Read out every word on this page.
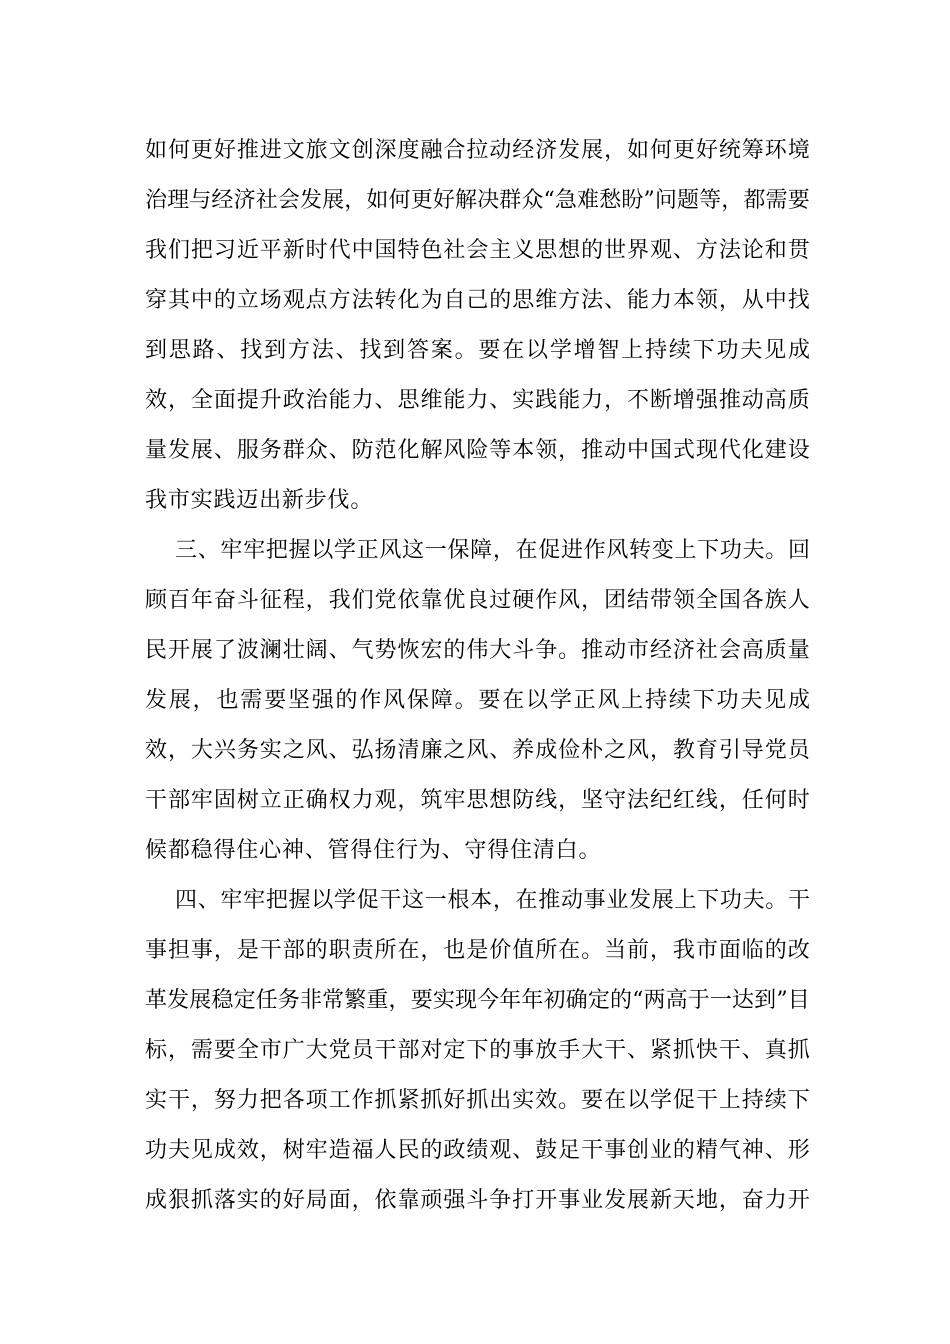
如 何 更 好 推 进 文 旅 文 创 深 度 融 合 拉 动 经 济 发 展 ， 如 何 更 好 统 筹 环 境
治 理 与 经 济 社 会 发 展 ， 如 何 更 好 解 决 群 众 “ 急 难 愁 盼 ” 问 题 等 ， 都 需 要
我 们 把 习 近 平 新 时 代 中 国 特 色 社 会 主 义 思 想 的 世 界 观 、 方 法 论 和 贯
穿 其 中 的 立 场 观 点 方 法 转 化 为 自 己 的 思 维 方 法 、 能 力 本 领 ， 从 中 找
到 思 路 、 找 到 方 法 、 找 到 答 案 。 要 在 以 学 增 智 上 持 续 下 功 夫 见 成
效 ， 全 面 提 升 政 治 能 力 、 思 维 能 力 、 实 践 能 力 ， 不 断 增 强 推 动 高 质
量 发 展 、 服 务 群 众 、 防 范 化 解 风 险 等 本 领 ， 推 动 中 国 式 现 代 化 建 设
我 市 实 践 迈 出 新 步 伐 。
三 、 牢 牢 把 握 以 学 正 风 这 一 保 障 ， 在 促 进 作 风 转 变 上 下 功 夫 。 回
顾 百 年 奋 斗 征 程 ， 我 们 党 依 靠 优 良 过 硬 作 风 ， 团 结 带 领 全 国 各 族 人
民 开 展 了 波 澜 壮 阔 、 气 势 恢 宏 的 伟 大 斗 争 。 推 动 市 经 济 社 会 高 质 量
发 展 ， 也 需 要 坚 强 的 作 风 保 障 。 要 在 以 学 正 风 上 持 续 下 功 夫 见 成
效 ， 大 兴 务 实 之 风 、 弘 扬 清 廉 之 风 、 养 成 俭 朴 之 风 ， 教 育 引 导 党 员
干 部 牢 固 树 立 正 确 权 力 观 ， 筑 牢 思 想 防 线 ， 坚 守 法 纪 红 线 ， 任 何 时
候 都 稳 得 住 心 神 、 管 得 住 行 为 、 守 得 住 清 白 。
四 、 牢 牢 把 握 以 学 促 干 这 一 根 本 ， 在 推 动 事 业 发 展 上 下 功 夫 。 干
事 担 事 ， 是 干 部 的 职 责 所 在 ， 也 是 价 值 所 在 。 当 前 ， 我 市 面 临 的 改
革 发 展 稳 定 任 务 非 常 繁 重 ， 要 实 现 今 年 年 初 确 定 的 “ 两 高 于 一 达 到 ” 目
标 ， 需 要 全 市 广 大 党 员 干 部 对 定 下 的 事 放 手 大 干 、 紧 抓 快 干 、 真 抓
实 干 ， 努 力 把 各 项 工 作 抓 紧 抓 好 抓 出 实 效 。 要 在 以 学 促 干 上 持 续 下
功 夫 见 成 效 ， 树 牢 造 福 人 民 的 政 绩 观 、 鼓 足 干 事 创 业 的 精 气 神 、 形
成 狠 抓 落 实 的 好 局 面 ， 依 靠 顽 强 斗 争 打 开 事 业 发 展 新 天 地 ， 奋 力 开
